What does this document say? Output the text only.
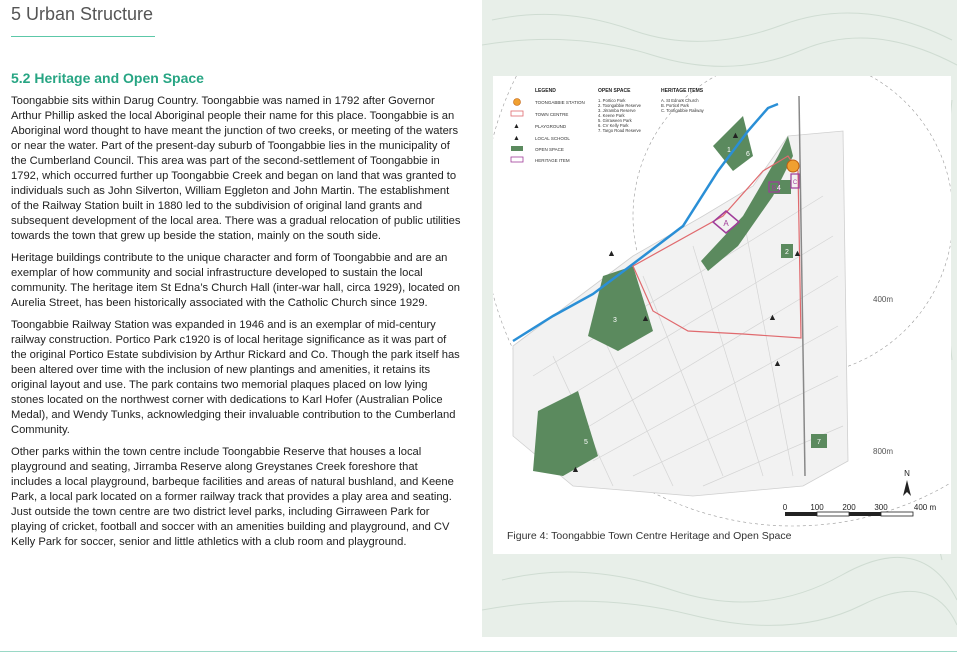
5 Urban Structure
5.2 Heritage and Open Space

Toongabbie sits within Darug Country. Toongabbie was named in 1792 after Governor Arthur Phillip asked the local Aboriginal people their name for this place. Toongabbie is an Aboriginal word thought to have meant the junction of two creeks, or meeting of the waters or near the water. Part of the present-day suburb of Toongabbie lies in the municipality of the Cumberland Council. This area was part of the second-settlement of Toongabbie in 1792, which occurred further up Toongabbie Creek and began on land that was granted to individuals such as John Silverton, William Eggleton and John Martin. The establishment of the Railway Station built in 1880 led to the subdivision of original land grants and subsequent development of the local area. There was a gradual relocation of public utilities towards the town that grew up beside the station, mainly on the south side.

Heritage buildings contribute to the unique character and form of Toongabbie and are an exemplar of how community and social infrastructure developed to sustain the local community. The heritage item St Edna’s Church Hall (inter-war hall, circa 1929), located on Aurelia Street, has been historically associated with the Catholic Church since 1929.

Toongabbie Railway Station was expanded in 1946 and is an exemplar of mid-century railway construction. Portico Park c1920 is of local heritage significance as it was part of the original Portico Estate subdivision by Arthur Rickard and Co. Though the park itself has been altered over time with the inclusion of new plantings and amenities, it retains its original layout and use. The park contains two memorial plaques placed on low lying stones located on the northwest corner with dedications to Karl Hofer (Australian Police Medal), and Wendy Tunks, acknowledging their invaluable contribution to the Cumberland Community.

Other parks within the town centre include Toongabbie Reserve that houses a local playground and seating, Jirramba Reserve along Greystanes Creek foreshore that includes a local playground, barbeque facilities and areas of natural bushland, and Keene Park, a local park located on a former railway track that provides a play area and seating. Just outside the town centre are two district level parks, including Girraween Park for playing of cricket, football and soccer with an amenities building and playground, and CV Kelly Park for soccer, senior and little athletics with a club room and playground.

A
B
C
1
2
3
4
5
6
7
▲
▲	▲
▲
▲
▲
▲
400m
800m
LEGEND
TOONGABBIE STATION
TOWN CENTRE
▲	PLAYGROUND
▲	LOCAL SCHOOL
OPEN SPACE
HERITAGE ITEM
OPEN SPACE
1. Portico Park
2. Toongabbie Reserve
3. Jirramba Reserve
4. Keene Park
5. Girraween Park
6. CV Kelly Park
7. Targo Road Reserve
HERITAGE ITEMS
A. St Edna's Church
B. Portico Park
C. Toongabbie Railway
N
0	100 200 300	400 m
Figure 4: Toongabbie Town Centre Heritage and Open Space
